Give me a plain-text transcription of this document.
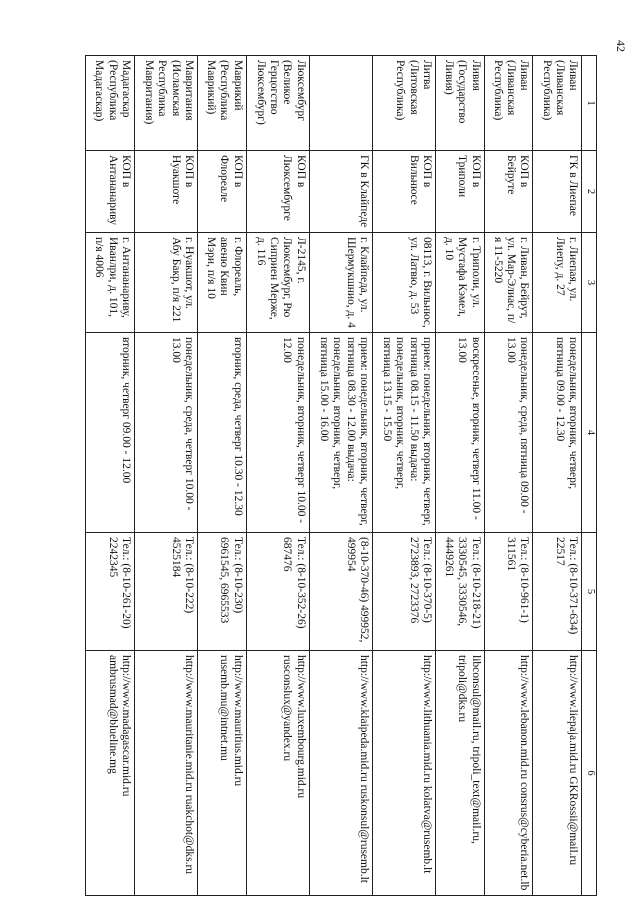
42
1	2	3	4	5	6
Ливан (Ливанская Республика)	ГК в Лиепае	г. Лиепая, ул. Лиепу, д. 27	понедельник, вторник, четверг, пятница 09.00 - 12.30	Тел.: (8-10-371-634) 22517	http://www.liepaja.mid.ru GKRossii@mail.ru
Ливан (Ливанская Республика)	КОП в Бейруте	г. Ливан, Бейрут, ул. Мар-Элиас, п/я 11-5220	понедельник, среда, пятница 09.00 - 13.00	Тел.: (8-10-961-1) 311561	http://www.lebanon.mid.ru consrus@cyberia.net.lb
Ливия (Государство Ливия)	КОП в Триполи	г. Триполи, ул. Мустафа Кэмел, д. 10	воскресенье, вторник, четверг 11.00 - 13.00	Тел.: (8-10-218-21) 3330545, 3330546, 4449261	libconsul@mail.ru, tripoli_text@mail.ru, tripoli@dks.ru
Литва (Литовская Республика)	КОП в Вильнюсе	08113, г. Вильнюс, ул. Латвю, д. 53	прием: понедельник, вторник, четверг, пятница 08.15 - 11.50 выдача: понедельник, вторник, четверг, пятница 13.15 - 15.50	Тел.: (8-10-370-5) 2723893, 2723376	http://www.lithuania.mid.ru kolatva@rusemb.lt
	ГК в Клайпеде	г. Клайпеда, ул. Шермукшнио, д. 4	прием: понедельник, вторник, четверг, пятница 08.30 - 12.00 выдача: понедельник, вторник, четверг, пятница 15.00 - 16.00	(8-10-370-46) 499952, 499954	http://www.klaipeda.mid.ru ruskonsul@rusemb.lt
Люксембург (Великое Герцогство Люксембург)	КОП в Люксембурге	Л-2145, г. Люксембург, Рю Сиприен Мерже, д. 116	понедельник, вторник, четверг 10.00 - 12.00	Тел.: (8-10-352-26) 687476	http://www.luxembourg.mid.ru rusconslux@yandex.ru
Маврикий (Республика Маврикий)	КОП в Флореале	г. Флореаль, авеню Квин Мэри, п/я 10	вторник, среда, четверг 10.30 - 12.30	Тел.: (8-10-230) 6961545, 6965533	http://www.mauritius.mid.ru rusemb.mu@intnet.mu
Мавритания (Исламская Республика Мавритания)	КОП в Нуакшоте	г. Нуакшот, ул. Абу Бакр, п/я 221	понедельник, среда, четверг 10.00 - 13.00	Тел.: (8-10-222) 4525184	http://www.mauritanie.mid.ru ruakchot@dks.ru
Мадагаскар (Республика Мадагаскар)	КОП в Антананариву	г. Антананариву, Иванлри, д. 101, п/я 4006	вторник, четверг 09.00 - 12.00	Тел.: (8-10-261-20) 2242345	http://www.madagascar.mid.ru ambrusmad@blueline.mg
